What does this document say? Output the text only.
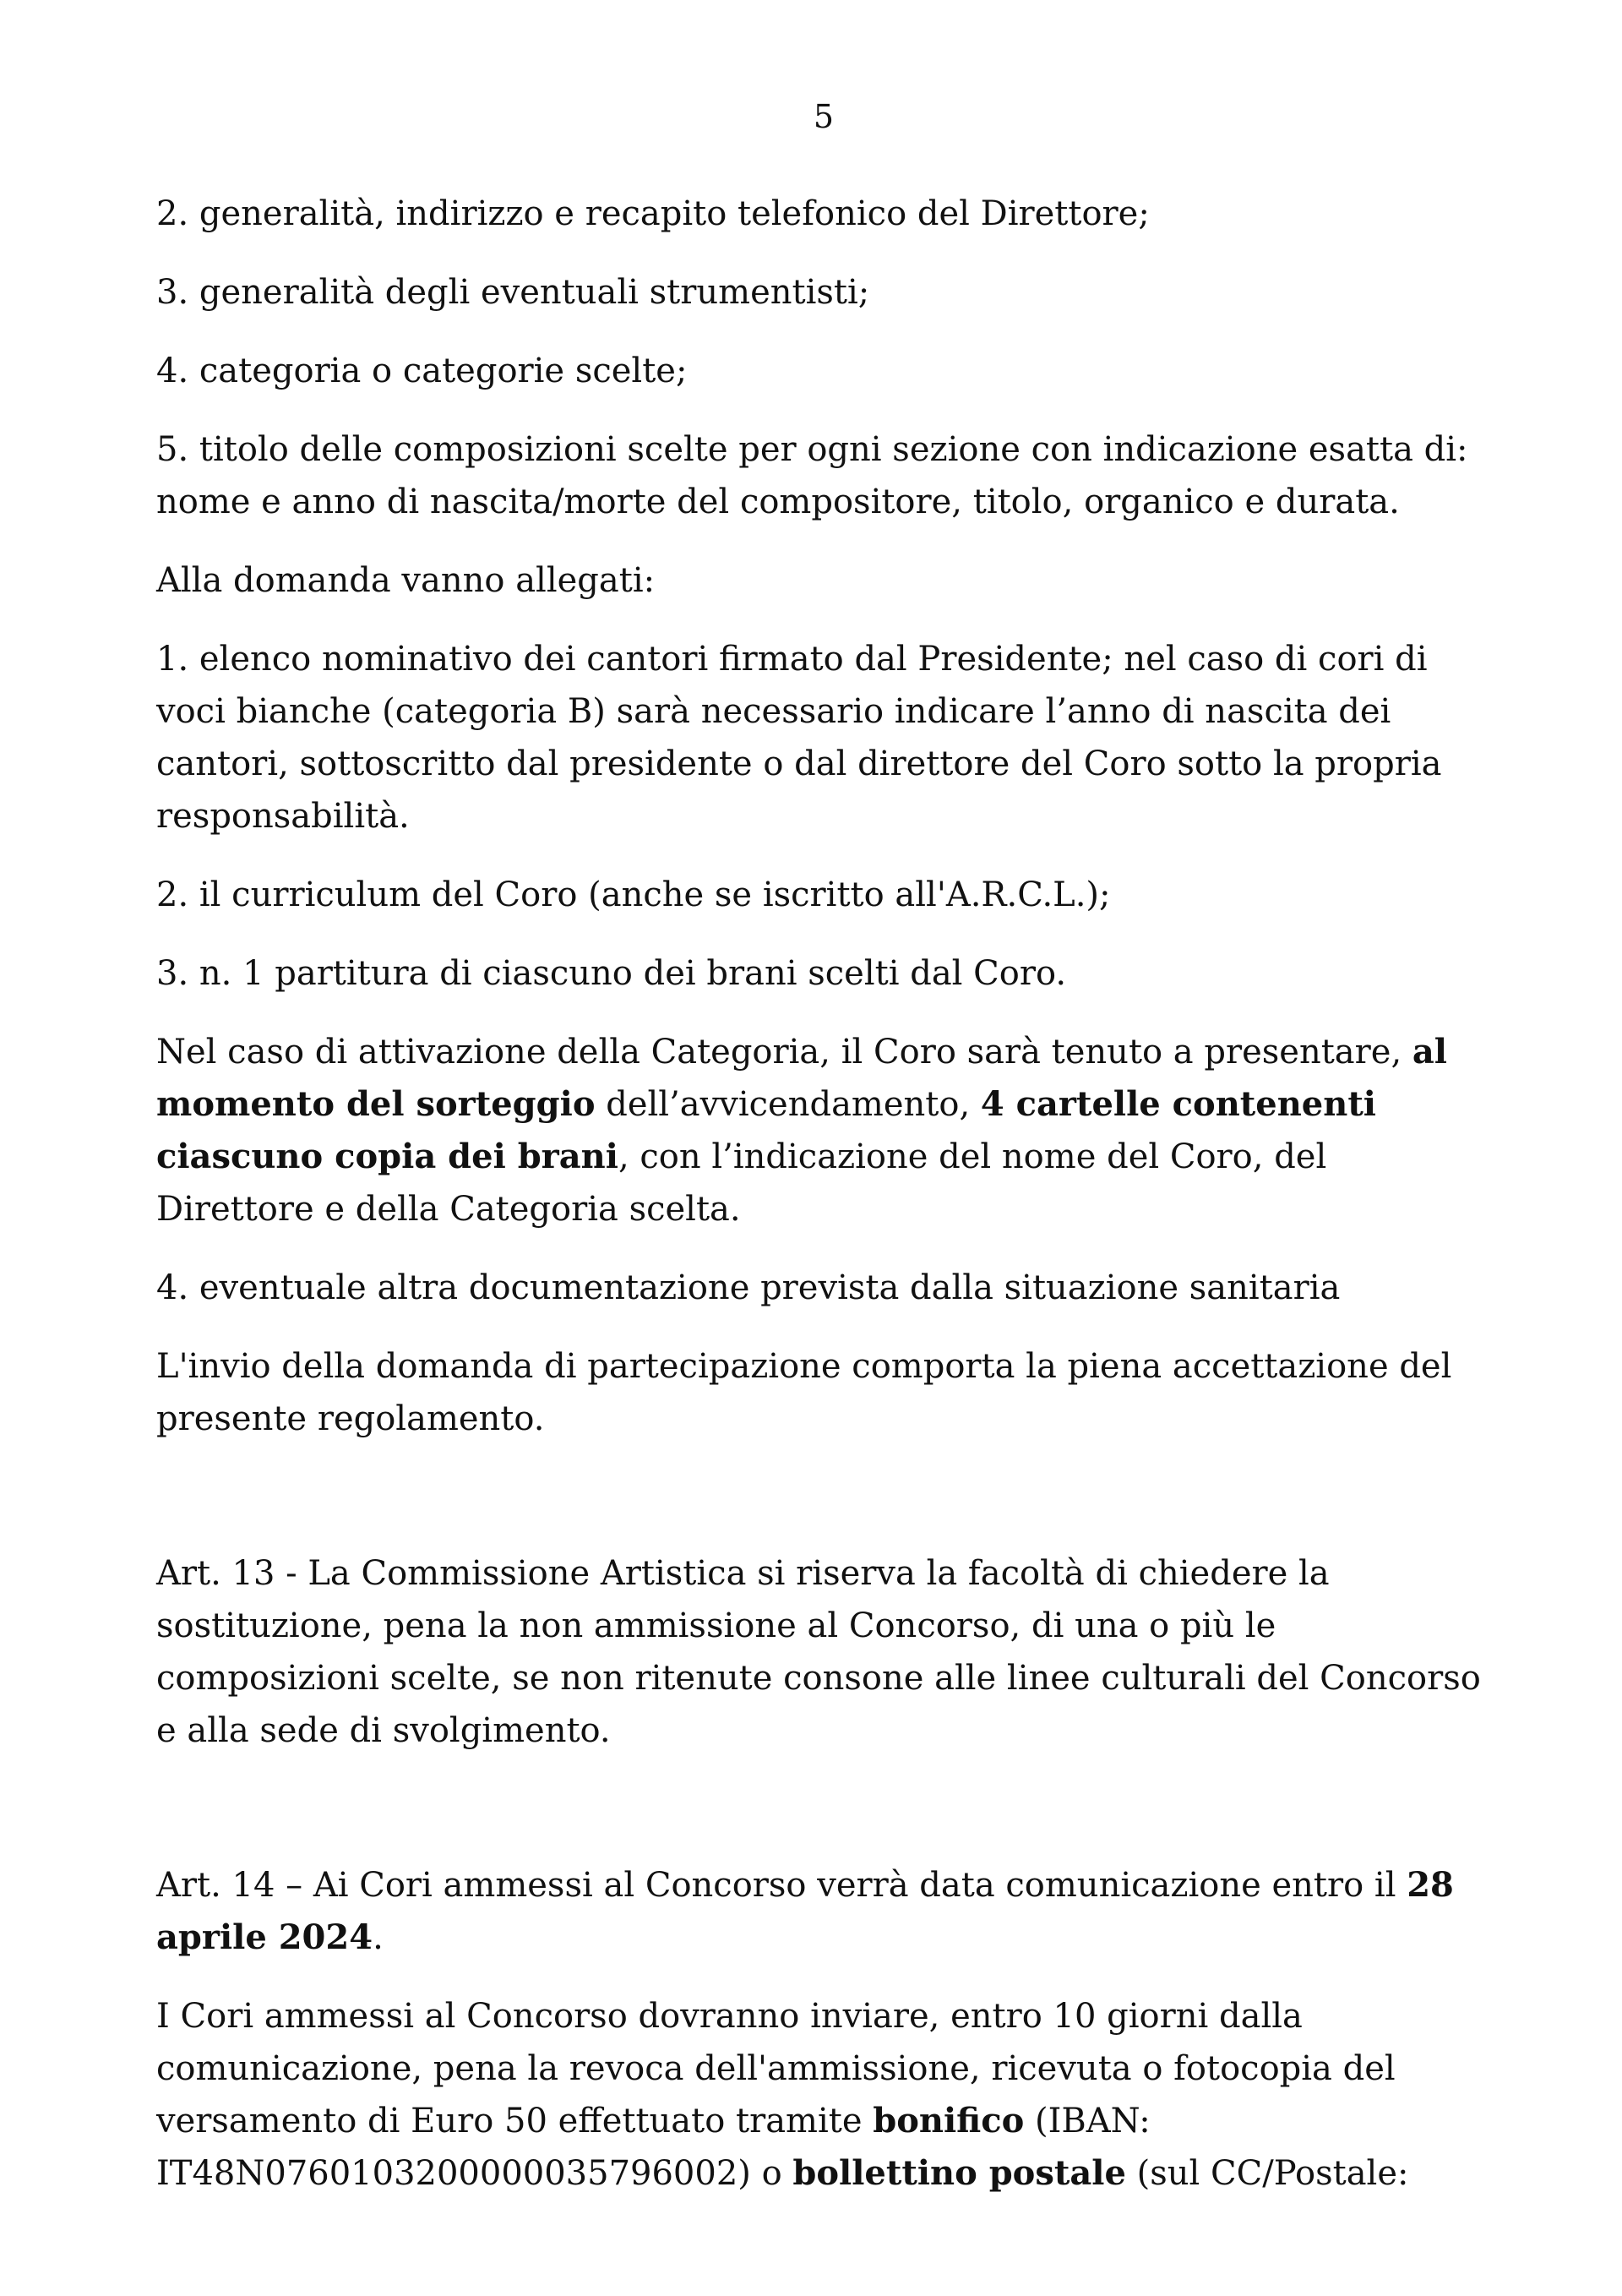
5

2. generalità, indirizzo e recapito telefonico del Direttore;

3. generalità degli eventuali strumentisti;

4. categoria o categorie scelte;

5. titolo delle composizioni scelte per ogni sezione con indicazione esatta di: nome e anno di nascita/morte del compositore, titolo, organico e durata.

Alla domanda vanno allegati:

1. elenco nominativo dei cantori firmato dal Presidente; nel caso di cori di voci bianche (categoria B) sarà necessario indicare l’anno di nascita dei cantori, sottoscritto dal presidente o dal direttore del Coro sotto la propria responsabilità.

2. il curriculum del Coro (anche se iscritto all'A.R.C.L.);

3. n. 1 partitura di ciascuno dei brani scelti dal Coro.

Nel caso di attivazione della Categoria, il Coro sarà tenuto a presentare, al momento del sorteggio dell’avvicendamento, 4 cartelle contenenti ciascuno copia dei brani, con l’indicazione del nome del Coro, del Direttore e della Categoria scelta.

4. eventuale altra documentazione prevista dalla situazione sanitaria

L'invio della domanda di partecipazione comporta la piena accettazione del presente regolamento.

Art. 13 - La Commissione Artistica si riserva la facoltà di chiedere la sostituzione, pena la non ammissione al Concorso, di una o più le composizioni scelte, se non ritenute consone alle linee culturali del Concorso e alla sede di svolgimento.

Art. 14 – Ai Cori ammessi al Concorso verrà data comunicazione entro il 28 aprile 2024.

I Cori ammessi al Concorso dovranno inviare, entro 10 giorni dalla comunicazione, pena la revoca dell'ammissione, ricevuta o fotocopia del versamento di Euro 50 effettuato tramite bonifico (IBAN: IT48N0760103200000035796002) o bollettino postale (sul CC/Postale:
